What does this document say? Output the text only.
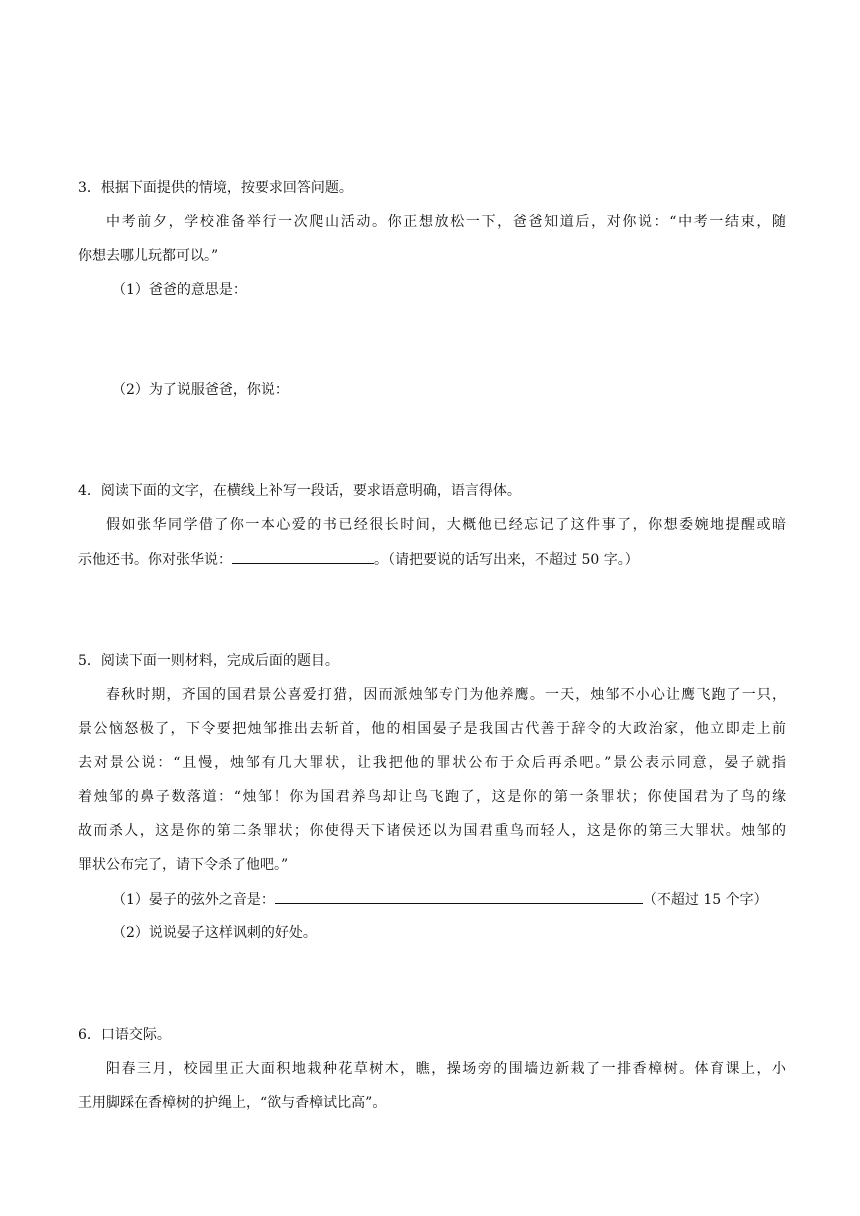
3．根据下面提供的情境，按要求回答问题。
中考前夕，学校准备举行一次爬山活动。你正想放松一下，爸爸知道后，对你说：“中考一结束，随
你想去哪儿玩都可以。”
（1）爸爸的意思是：
（2）为了说服爸爸，你说：
4．阅读下面的文字，在横线上补写一段话，要求语意明确，语言得体。
假如张华同学借了你一本心爱的书已经很长时间，大概他已经忘记了这件事了，你想委婉地提醒或暗
示他还书。你对张华说：	。（请把要说的话写出来，不超过 50 字。）
5．阅读下面一则材料，完成后面的题目。
春秋时期，齐国的国君景公喜爱打猎，因而派烛邹专门为他养鹰。一天，烛邹不小心让鹰飞跑了一只，
景公恼怒极了，下令要把烛邹推出去斩首，他的相国晏子是我国古代善于辞令的大政治家，他立即走上前
去对景公说：“且慢，烛邹有几大罪状，让我把他的罪状公布于众后再杀吧。”景公表示同意，晏子就指
着烛邹的鼻子数落道：“烛邹！你为国君养鸟却让鸟飞跑了，这是你的第一条罪状；你使国君为了鸟的缘
故而杀人，这是你的第二条罪状；你使得天下诸侯还以为国君重鸟而轻人，这是你的第三大罪状。烛邹的
罪状公布完了，请下令杀了他吧。”
（1）晏子的弦外之音是：	（不超过 15 个字）
（2）说说晏子这样讽刺的好处。
6．口语交际。
阳春三月，校园里正大面积地栽种花草树木，瞧，操场旁的围墙边新栽了一排香樟树。体育课上，小
王用脚踩在香樟树的护绳上，“欲与香樟试比高”。
